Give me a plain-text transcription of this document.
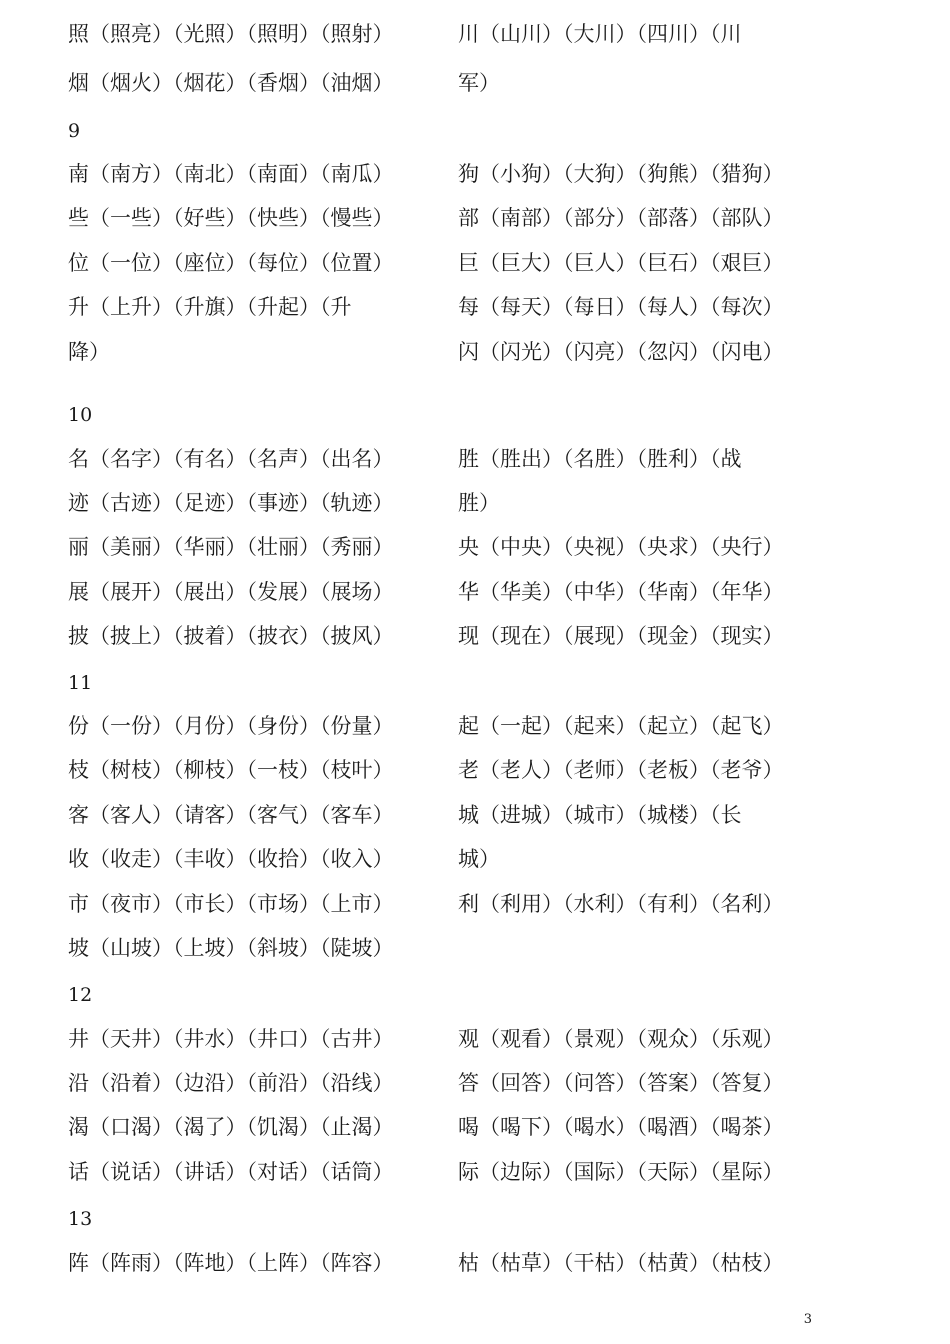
照（照亮）（光照）（照明）（照射）	川（山川）（大川）（四川）（川
烟（烟火）（烟花）（香烟）（油烟）	军）
9
南（南方）（南北）（南面）（南瓜）	狗（小狗）（大狗）（狗熊）（猎狗）
些（一些）（好些）（快些）（慢些）	部（南部）（部分）（部落）（部队）
位（一位）（座位）（每位）（位置）	巨（巨大）（巨人）（巨石）（艰巨）
升（上升）（升旗）（升起）（升	每（每天）（每日）（每人）（每次）
降）	闪（闪光）（闪亮）（忽闪）（闪电）
10
名（名字）（有名）（名声）（出名）	胜（胜出）（名胜）（胜利）（战
迹（古迹）（足迹）（事迹）（轨迹）	胜）
丽（美丽）（华丽）（壮丽）（秀丽）	央（中央）（央视）（央求）（央行）
展（展开）（展出）（发展）（展场）	华（华美）（中华）（华南）（年华）
披（披上）（披着）（披衣）（披风）	现（现在）（展现）（现金）（现实）
11
份（一份）（月份）（身份）（份量）	起（一起）（起来）（起立）（起飞）
枝（树枝）（柳枝）（一枝）（枝叶）	老（老人）（老师）（老板）（老爷）
客（客人）（请客）（客气）（客车）	城（进城）（城市）（城楼）（长
收（收走）（丰收）（收拾）（收入）	城）
市（夜市）（市长）（市场）（上市）	利（利用）（水利）（有利）（名利）
坡（山坡）（上坡）（斜坡）（陡坡）
12
井（天井）（井水）（井口）（古井）	观（观看）（景观）（观众）（乐观）
沿（沿着）（边沿）（前沿）（沿线）	答（回答）（问答）（答案）（答复）
渴（口渴）（渴了）（饥渴）（止渴）	喝（喝下）（喝水）（喝酒）（喝茶）
话（说话）（讲话）（对话）（话筒）	际（边际）（国际）（天际）（星际）
13
阵（阵雨）（阵地）（上阵）（阵容）	枯（枯草）（干枯）（枯黄）（枯枝）
3
